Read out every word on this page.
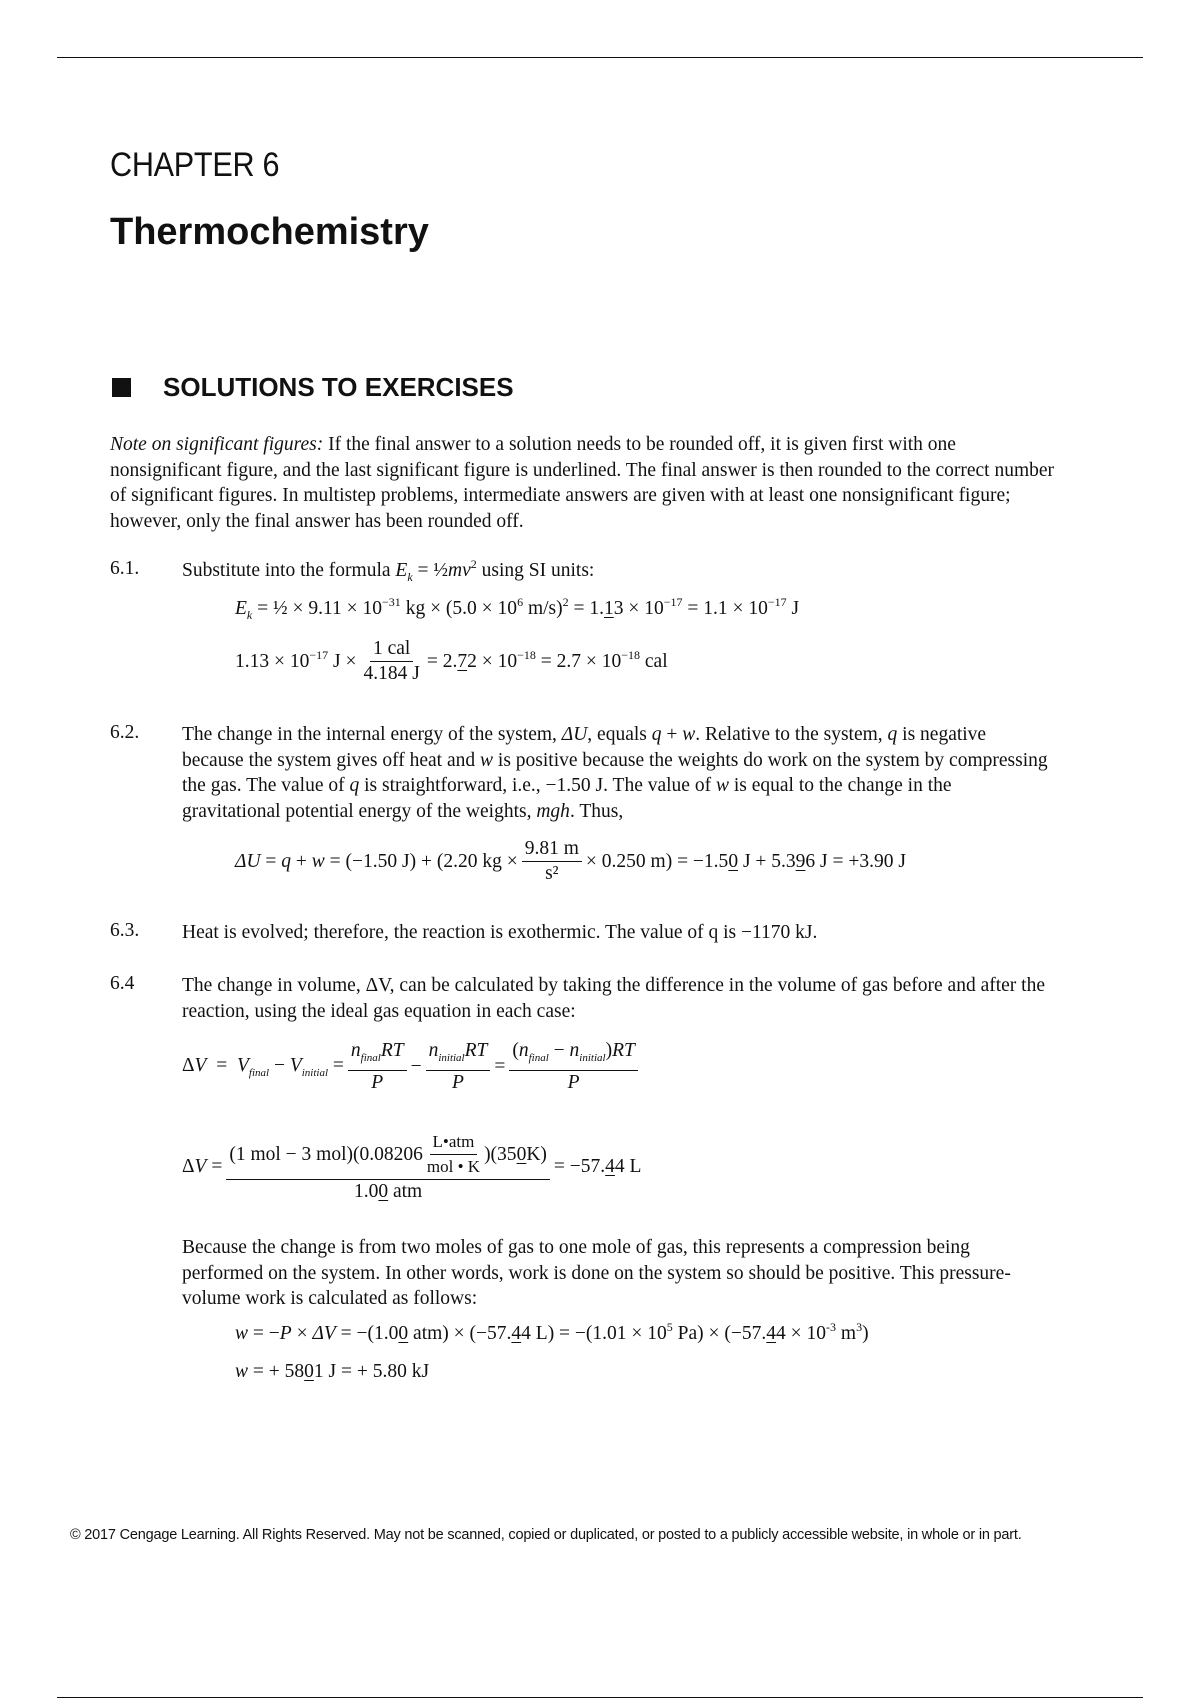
CHAPTER 6
Thermochemistry
SOLUTIONS TO EXERCISES
Note on significant figures: If the final answer to a solution needs to be rounded off, it is given first with one nonsignificant figure, and the last significant figure is underlined. The final answer is then rounded to the correct number of significant figures. In multistep problems, intermediate answers are given with at least one nonsignificant figure; however, only the final answer has been rounded off.
6.1. Substitute into the formula $E_k$ = $\frac{1}{2}mv^2$ using SI units:
$E_k$ = ½ × $9.11 \times 10^{-31}$ kg × ($5.0 \times 10^6$ $m/s)^2 = 1.13 \times 10^{-17} = 1.1 \times 10^{-17}$ J
$1.13 \times 10^{-17}$ $J \times \frac{\text{1 cal}}{4.184 J} = 2.72 \times 10^{-18} = 2.7 \times 10^{-18}$ cal
6.2. The change in the internal energy of the system, ΔU, equals q + w. Relative to the system, q is negative because the system gives off heat and w is positive because the weights do work on the system by compressing the gas. The value of q is straightforward, i.e., −1.50 J. The value of w is equal to the change in the gravitational potential energy of the weights, mgh. Thus,
ΔU = q + w = (−1.50 J) + (2.20 kg × $\frac{9.81 m}{\text{s²}} \times 0.250$ m) = −1.50 J + 5.396 J = +3.90 J
6.3. Heat is evolved; therefore, the reaction is exothermic. The value of q is −1170 kJ.
6.4 The change in volume, ΔV, can be calculated by taking the difference in the volume of gas before and after the reaction, using the ideal gas equation in each case:
$\Delta V = V_{final} - V_{initial} = \frac{n_{final}RT}{P} - \frac{n_{initial}RT}{P} = \frac{(n_{final} - n_{initial})RT}{P}$
$\Delta V = \frac{(1 mol - 3 mol)(0.08206 \frac{\text{L•atm}}{\text{mol • K}} )(35 0 K)}{\text{1.00 atm}} = -57.44$ L
Because the change is from two moles of gas to one mole of gas, this represents a compression being performed on the system. In other words, work is done on the system so should be positive. This pressure-volume work is calculated as follows:
w = −P × ΔV = −(1.00 atm) × (−57.44 $L) = -(1.01 \times 10^5$ $Pa) \times (-57.44 \times 10^{-3}$ $m^3$)
w = + 5801 J = + 5.80 kJ
© 2017 Cengage Learning. All Rights Reserved. May not be scanned, copied or duplicated, or posted to a publicly accessible website, in whole or in part.
